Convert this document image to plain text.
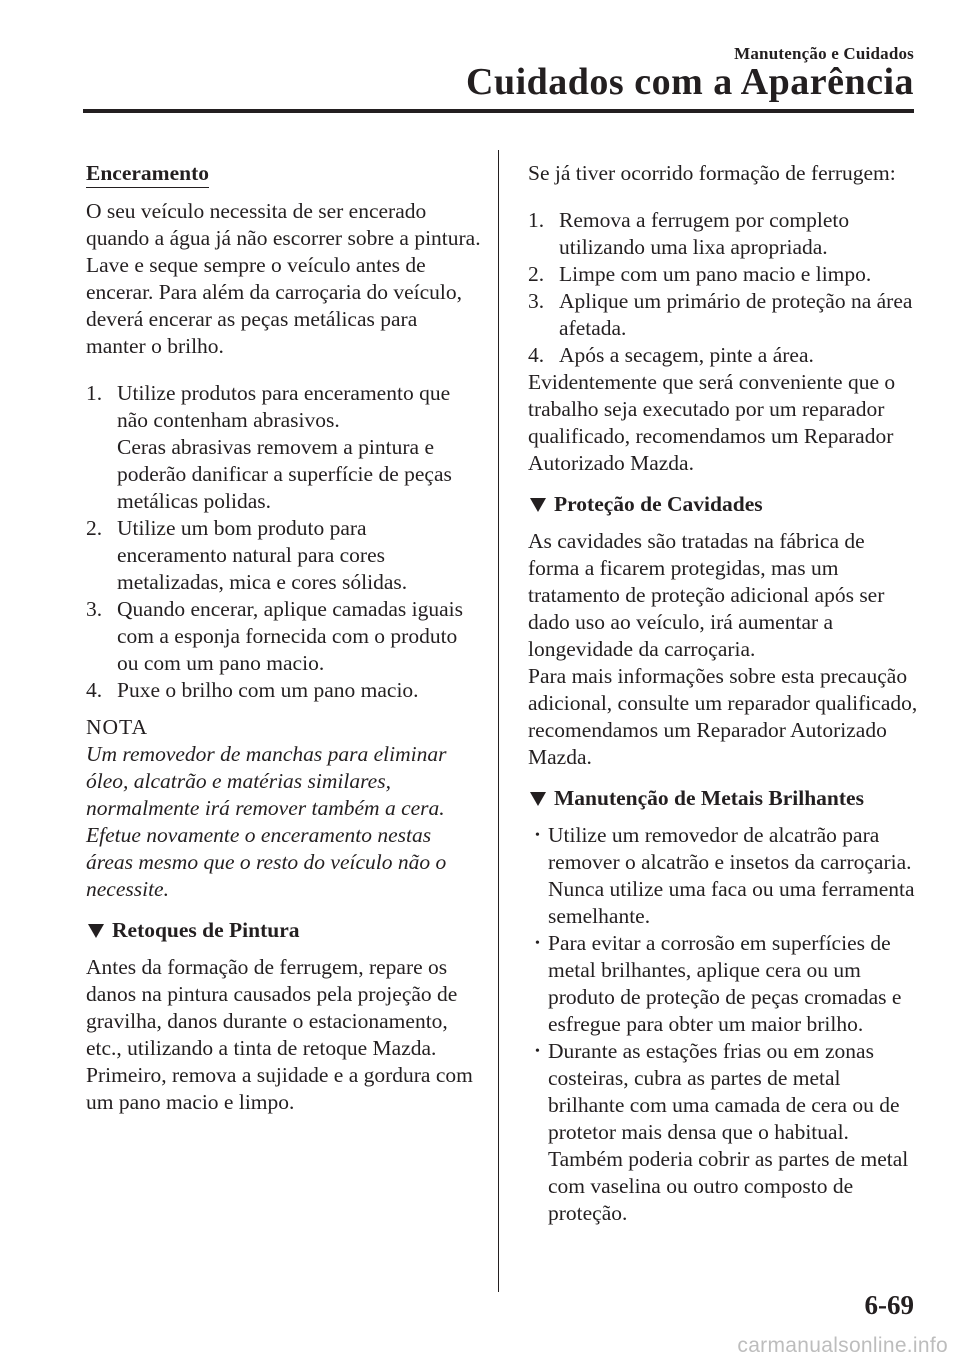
Manutenção e Cuidados
Cuidados com a Aparência
Enceramento

O seu veículo necessita de ser encerado quando a água já não escorrer sobre a pintura.

Lave e seque sempre o veículo antes de encerar. Para além da carroçaria do veículo, deverá encerar as peças metálicas para manter o brilho.

1. Utilize produtos para enceramento que não contenham abrasivos.
Ceras abrasivas removem a pintura e poderão danificar a superfície de peças metálicas polidas.
2. Utilize um bom produto para enceramento natural para cores metalizadas, mica e cores sólidas.
3. Quando encerar, aplique camadas iguais com a esponja fornecida com o produto ou com um pano macio.
4. Puxe o brilho com um pano macio.
NOTA

Um removedor de manchas para eliminar óleo, alcatrão e matérias similares, normalmente irá remover também a cera. Efetue novamente o enceramento nestas áreas mesmo que o resto do veículo não o necessite.

Retoques de Pintura

Antes da formação de ferrugem, repare os danos na pintura causados pela projeção de gravilha, danos durante o estacionamento, etc., utilizando a tinta de retoque Mazda. Primeiro, remova a sujidade e a gordura com um pano macio e limpo.

Se já tiver ocorrido formação de ferrugem:

1. Remova a ferrugem por completo utilizando uma lixa apropriada.
2. Limpe com um pano macio e limpo.
3. Aplique um primário de proteção na área afetada.
4. Após a secagem, pinte a área.

Evidentemente que será conveniente que o trabalho seja executado por um reparador qualificado, recomendamos um Reparador Autorizado Mazda.

Proteção de Cavidades

As cavidades são tratadas na fábrica de forma a ficarem protegidas, mas um tratamento de proteção adicional após ser dado uso ao veículo, irá aumentar a longevidade da carroçaria.

Para mais informações sobre esta precaução adicional, consulte um reparador qualificado, recomendamos um Reparador Autorizado Mazda.

Manutenção de Metais Brilhantes
• Utilize um removedor de alcatrão para remover o alcatrão e insetos da carroçaria. Nunca utilize uma faca ou uma ferramenta semelhante.
• Para evitar a corrosão em superfícies de metal brilhantes, aplique cera ou um produto de proteção de peças cromadas e esfregue para obter um maior brilho.
• Durante as estações frias ou em zonas costeiras, cubra as partes de metal brilhante com uma camada de cera ou de protetor mais densa que o habitual. Também poderia cobrir as partes de metal com vaselina ou outro composto de proteção.
6-69
carmanualsonline.info
